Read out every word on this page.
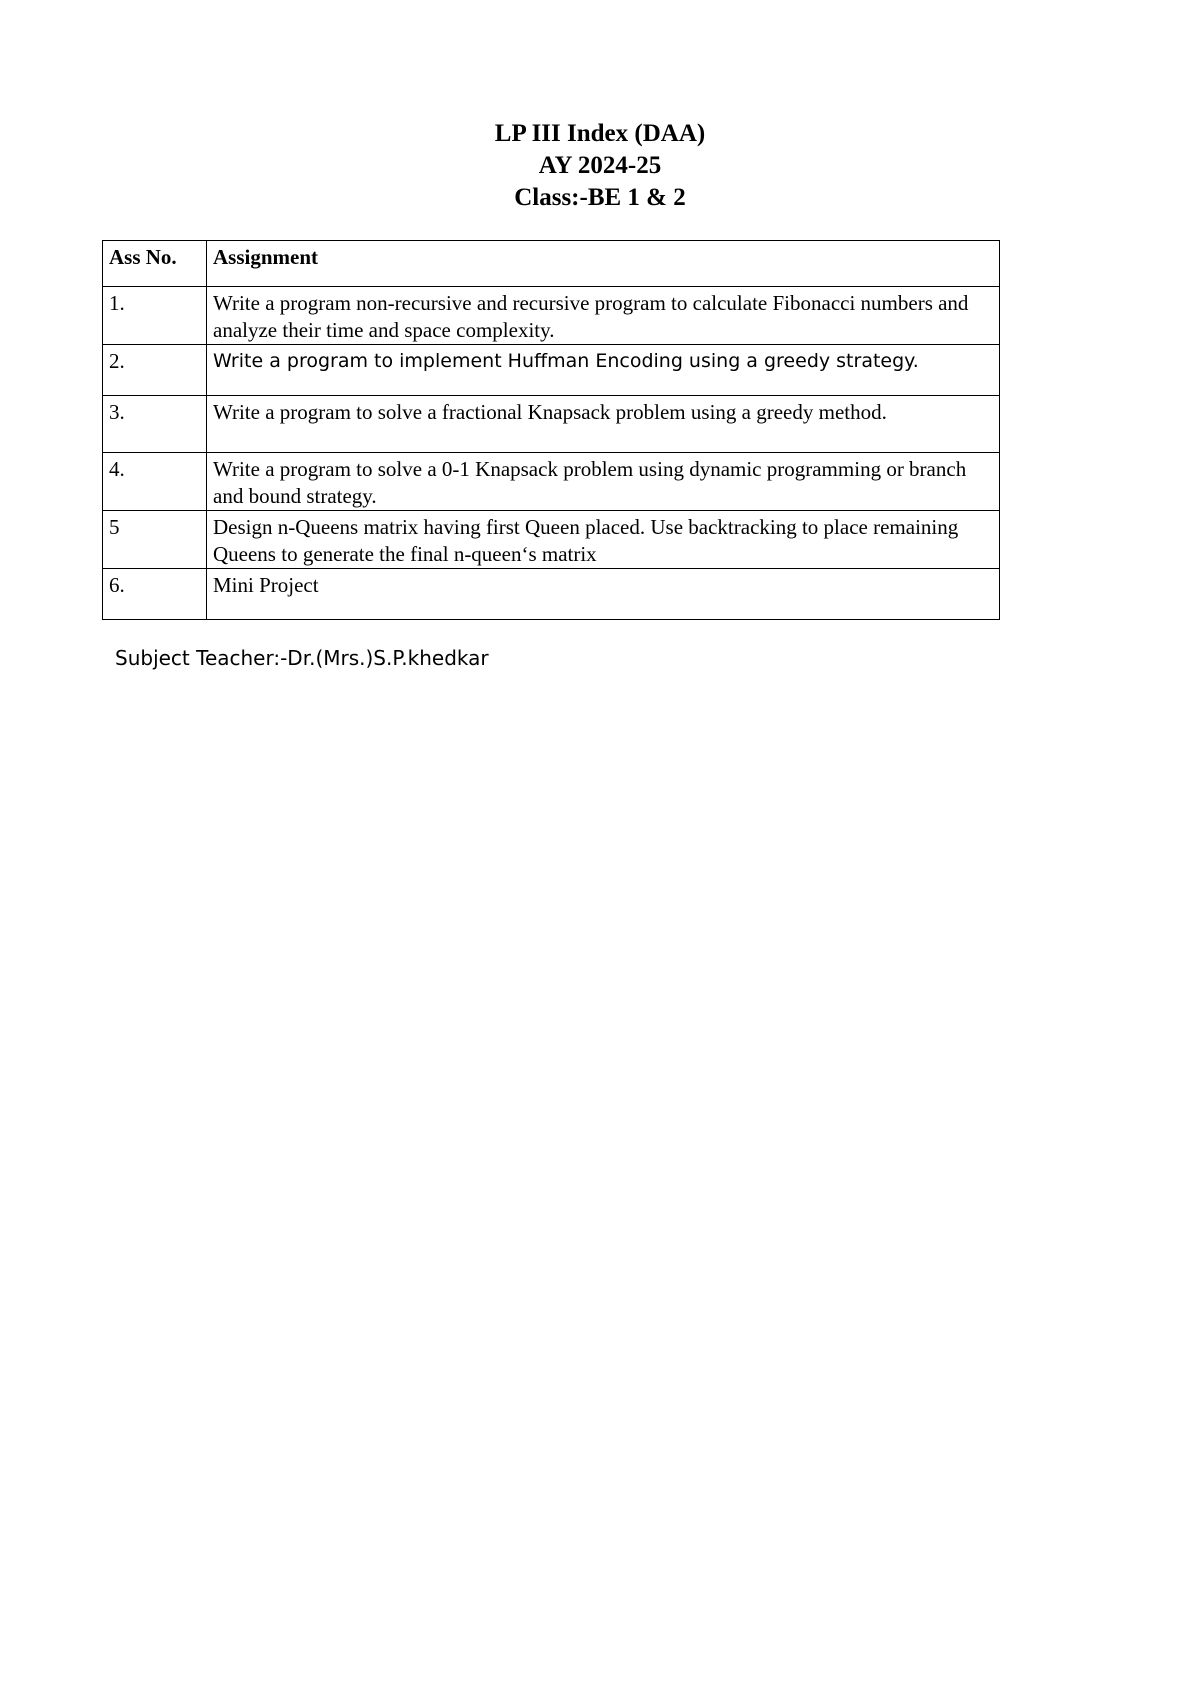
LP III Index (DAA)
AY 2024-25
Class:-BE 1 & 2
Ass No.	Assignment
1.	Write a program non-recursive and recursive program to calculate Fibonacci numbers and analyze their time and space complexity.
2.	Write a program to implement Huffman Encoding using a greedy strategy.
3.	Write a program to solve a fractional Knapsack problem using a greedy method.
4.	Write a program to solve a 0-1 Knapsack problem using dynamic programming or branch and bound strategy.
5	Design n-Queens matrix having first Queen placed. Use backtracking to place remaining Queens to generate the final n-queen‘s matrix
6.	Mini Project
Subject Teacher:-Dr.(Mrs.)S.P.khedkar
